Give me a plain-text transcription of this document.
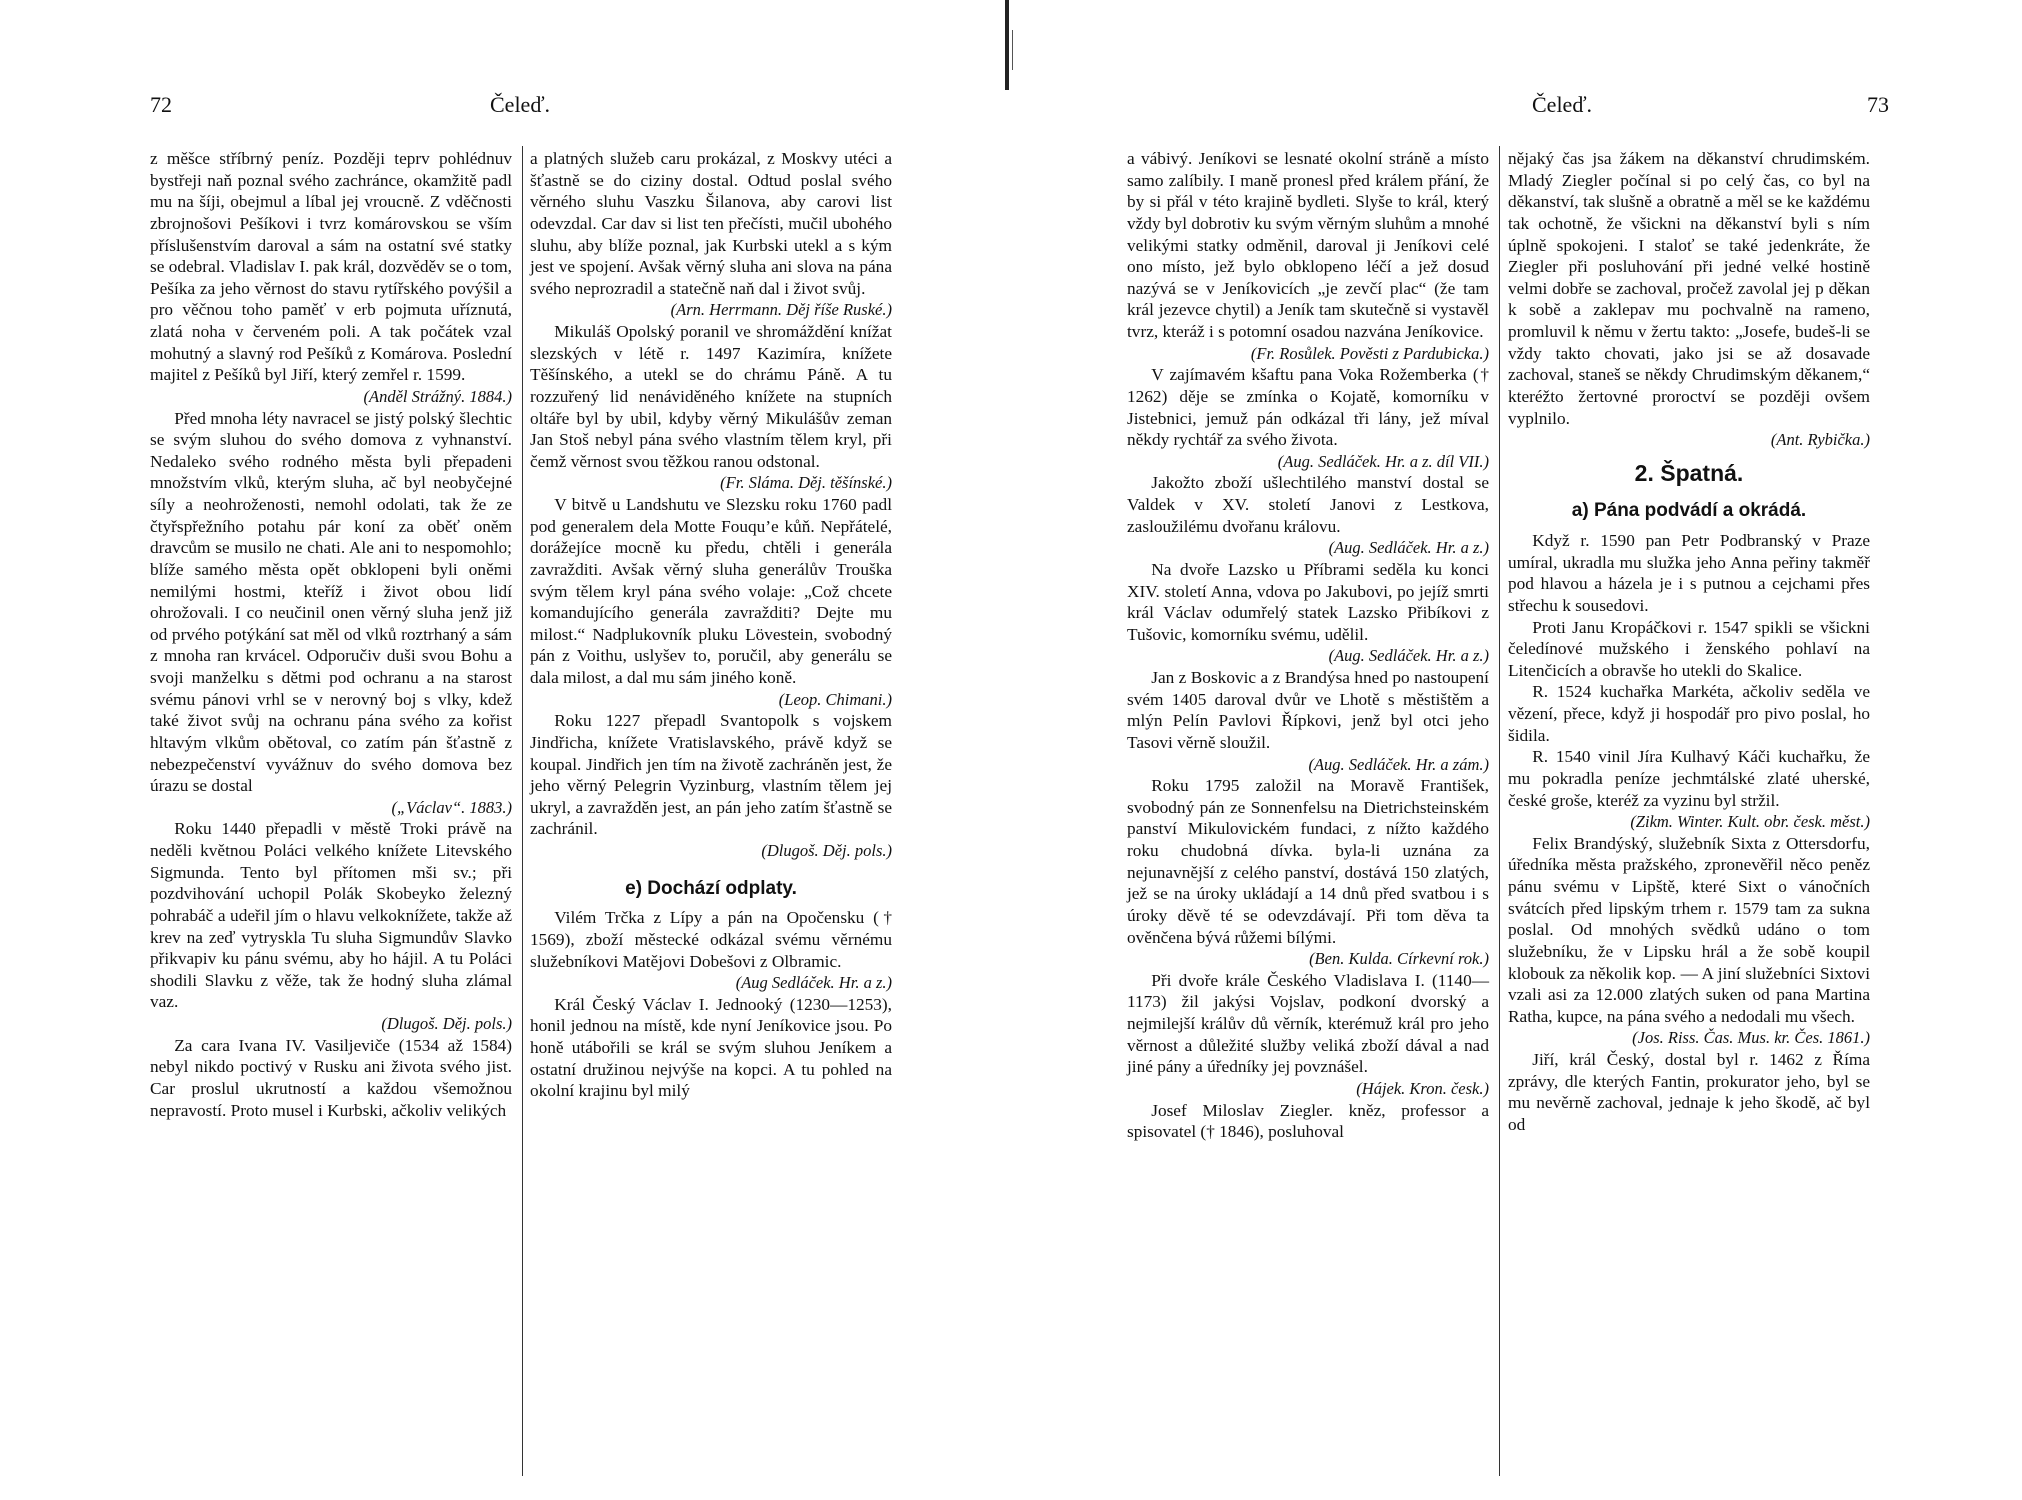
72	Čeleď.

z měšce stříbrný peníz. Později teprv pohlédnuv bystřeji naň poznal svého zachránce, okamžitě padl mu na šíji, obejmul a líbal jej vroucně. Z vděčnosti zbrojnošovi Pešíkovi i tvrz komárovskou se vším příslušenstvím daroval a sám na ostatní své statky se odebral. Vladislav I. pak král, dozvěděv se o tom, Pešíka za jeho věrnost do stavu rytířského povýšil a pro věčnou toho paměť v erb pojmuta uříznutá, zlatá noha v červeném poli. A tak počátek vzal mohutný a slavný rod Pešíků z Komárova. Poslední majitel z Pešíků byl Jiří, který zemřel r. 1599.

(Anděl Strážný. 1884.)

Před mnoha léty navracel se jistý polský šlechtic se svým sluhou do svého domova z vyhnanství. Nedaleko svého rodného města byli přepadeni množstvím vlků, kterým sluha, ač byl neobyčejné síly a neohroženosti, nemohl odolati, tak že ze čtyřspřežního potahu pár koní za oběť oněm dravcům se musilo ne chati. Ale ani to nespomohlo; blíže samého města opět obklopeni byli oněmi nemilými hostmi, kteříž i život obou lidí ohrožovali. I co neučinil onen věrný sluha jenž již od prvého potýkání sat měl od vlků roztrhaný a sám z mnoha ran krvácel. Odporučiv duši svou Bohu a svoji manželku s dětmi pod ochranu a na starost svému pánovi vrhl se v nerovný boj s vlky, kdež také život svůj na ochranu pána svého za kořist hltavým vlkům obětoval, co zatím pán šťastně z nebezpečenství vyvážnuv do svého domova bez úrazu se dostal

(„Václav“. 1883.)

Roku 1440 přepadli v městě Troki právě na neděli květnou Poláci velkého knížete Litevského Sigmunda. Tento byl přítomen mši sv.; při pozdvihování uchopil Polák Skobeyko železný pohrabáč a udeřil jím o hlavu velkoknížete, takže až krev na zeď vytryskla Tu sluha Sigmundův Slavko přikvapiv ku pánu svému, aby ho hájil. A tu Poláci shodili Slavku z věže, tak že hodný sluha zlámal vaz.

(Dlugoš. Děj. pols.)

Za cara Ivana IV. Vasiljeviče (1534 až 1584) nebyl nikdo poctivý v Rusku ani života svého jist. Car proslul ukrutností a každou všemožnou nepravostí. Proto musel i Kurbski, ačkoliv velikých

a platných služeb caru prokázal, z Moskvy utéci a šťastně se do ciziny dostal. Odtud poslal svého věrného sluhu Vaszku Šilanova, aby carovi list odevzdal. Car dav si list ten přečísti, mučil ubohého sluhu, aby blíže poznal, jak Kurbski utekl a s kým jest ve spojení. Avšak věrný sluha ani slova na pána svého neprozradil a statečně naň dal i život svůj.

(Arn. Herrmann. Děj říše Ruské.)

Mikuláš Opolský poranil ve shromáždění knížat slezských v létě r. 1497 Kazimíra, knížete Těšínského, a utekl se do chrámu Páně. A tu rozzuřený lid nenáviděného knížete na stupních oltáře byl by ubil, kdyby věrný Mikulášův zeman Jan Stoš nebyl pána svého vlastním tělem kryl, při čemž věrnost svou těžkou ranou odstonal.

(Fr. Sláma. Děj. těšínské.)

V bitvě u Landshutu ve Slezsku roku 1760 padl pod generalem dela Motte Fouqu’e kůň. Nepřátelé, dorážejíce mocně ku předu, chtěli i generála zavražditi. Avšak věrný sluha generálův Trouška svým tělem kryl pána svého volaje: „Což chcete komandujícího generála zavražditi? Dejte mu milost.“ Nadplukovník pluku Lövestein, svobodný pán z Voithu, uslyšev to, poručil, aby generálu se dala milost, a dal mu sám jiného koně.

(Leop. Chimani.)

Roku 1227 přepadl Svantopolk s vojskem Jindřicha, knížete Vratislavského, právě když se koupal. Jindřich jen tím na životě zachráněn jest, že jeho věrný Pelegrin Vyzinburg, vlastním tělem jej ukryl, a zavražděn jest, an pán jeho zatím šťastně se zachránil.

(Dlugoš. Děj. pols.)

e) Dochází odplaty.

Vilém Trčka z Lípy a pán na Opočensku († 1569), zboží městecké odkázal svému věrnému služebníkovi Matějovi Dobešovi z Olbramic.

(Aug Sedláček. Hr. a z.)

Král Český Václav I. Jednooký (1230—1253), honil jednou na místě, kde nyní Jeníkovice jsou. Po honě utábořili se král se svým sluhou Jeníkem a ostatní družinou nejvýše na kopci. A tu pohled na okolní krajinu byl milý

Čeleď.	73

a vábivý. Jeníkovi se lesnaté okolní stráně a místo samo zalíbily. I maně pronesl před králem přání, že by si přál v této krajině bydleti. Slyše to král, který vždy byl dobrotiv ku svým věrným sluhům a mnohé velikými statky odměnil, daroval ji Jeníkovi celé ono místo, jež bylo obklopeno léčí a jež dosud nazývá se v Jeníkovicích „je zevčí plac“ (že tam král jezevce chytil) a Jeník tam skutečně si vystavěl tvrz, kteráž i s potomní osadou nazvána Jeníkovice.

(Fr. Rosůlek. Pověsti z Pardubicka.)

V zajímavém kšaftu pana Voka Rožemberka († 1262) děje se zmínka o Kojatě, komorníku v Jistebnici, jemuž pán odkázal tři lány, jež míval někdy rychtář za svého života.

(Aug. Sedláček. Hr. a z. díl VII.)

Jakožto zboží ušlechtilého manství dostal se Valdek v XV. století Janovi z Lestkova, zasloužilému dvořanu královu.

(Aug. Sedláček. Hr. a z.)

Na dvoře Lazsko u Příbrami seděla ku konci XIV. století Anna, vdova po Jakubovi, po jejíž smrti král Václav odumřelý statek Lazsko Přibíkovi z Tušovic, komorníku svému, udělil.

(Aug. Sedláček. Hr. a z.)

Jan z Boskovic a z Brandýsa hned po nastoupení svém 1405 daroval dvůr ve Lhotě s městištěm a mlýn Pelín Pavlovi Řípkovi, jenž byl otci jeho Tasovi věrně sloužil.

(Aug. Sedláček. Hr. a zám.)

Roku 1795 založil na Moravě František, svobodný pán ze Sonnenfelsu na Dietrichsteinském panství Mikulovickém fundaci, z nížto každého roku chudobná dívka. byla-li uznána za nejunavnější z celého panství, dostává 150 zlatých, jež se na úroky ukládají a 14 dnů před svatbou i s úroky děvě té se odevzdávají. Při tom děva ta ověnčena bývá růžemi bílými.

(Ben. Kulda. Církevní rok.)

Při dvoře krále Českého Vladislava I. (1140—1173) žil jakýsi Vojslav, podkoní dvorský a nejmilejší králův dů věrník, kterémuž král pro jeho věrnost a důležité služby veliká zboží dával a nad jiné pány a úředníky jej povznášel.

(Hájek. Kron. česk.)

Josef Miloslav Ziegler. kněz, professor a spisovatel († 1846), posluhoval

nějaký čas jsa žákem na děkanství chrudimském. Mladý Ziegler počínal si po celý čas, co byl na děkanství, tak slušně a obratně a měl se ke každému tak ochotně, že všickni na děkanství byli s ním úplně spokojeni. I staloť se také jedenkráte, že Ziegler při posluhování při jedné velké hostině velmi dobře se zachoval, pročež zavolal jej p děkan k sobě a zaklepav mu pochvalně na rameno, promluvil k němu v žertu takto: „Josefe, budeš-li se vždy takto chovati, jako jsi se až dosavade zachoval, staneš se někdy Chrudimským děkanem,“ kteréžto žertovné proroctví se později ovšem vyplnilo.

(Ant. Rybička.)

2. Špatná.

a) Pána podvádí a okrádá.

Když r. 1590 pan Petr Podbranský v Praze umíral, ukradla mu služka jeho Anna peřiny takměř pod hlavou a házela je i s putnou a cejchami přes střechu k sousedovi.

Proti Janu Kropáčkovi r. 1547 spikli se všickni čeledínové mužského i ženského pohlaví na Litenčicích a obravše ho utekli do Skalice.

R. 1524 kuchařka Markéta, ačkoliv seděla ve vězení, přece, když ji hospodář pro pivo poslal, ho šidila.

R. 1540 vinil Jíra Kulhavý Káči kuchařku, že mu pokradla peníze jechmtálské zlaté uherské, české groše, kteréž za vyzinu byl stržil.

(Zikm. Winter. Kult. obr. česk. měst.)

Felix Brandýský, služebník Sixta z Ottersdorfu, úředníka města pražského, zpronevěřil něco peněz pánu svému v Lipště, které Sixt o vánočních svátcích před lipským trhem r. 1579 tam za sukna poslal. Od mnohých svědků udáno o tom služebníku, že v Lipsku hrál a že sobě koupil klobouk za několik kop. — A jiní služebníci Sixtovi vzali asi za 12.000 zlatých suken od pana Martina Ratha, kupce, na pána svého a nedodali mu všech.

(Jos. Riss. Čas. Mus. kr. Čes. 1861.)

Jiří, král Český, dostal byl r. 1462 z Říma zprávy, dle kterých Fantin, prokurator jeho, byl se mu nevěrně zachoval, jednaje k jeho škodě, ač byl od
